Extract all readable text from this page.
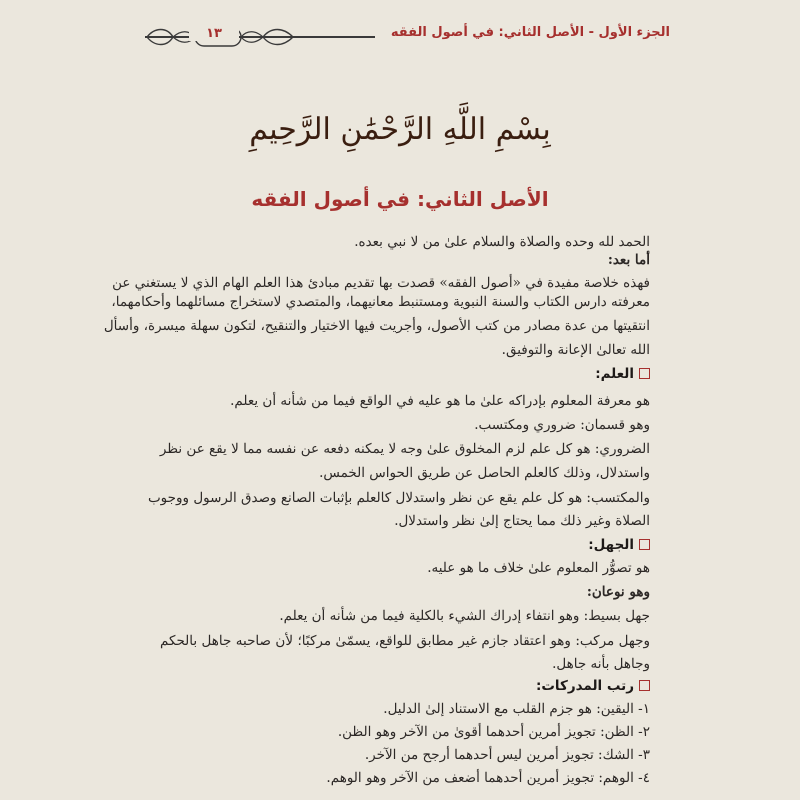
الجزء الأول - الأصل الثاني: في أصول الفقه
١٣
بِسْمِ اللَّهِ الرَّحْمَٰنِ الرَّحِيمِ
الأصل الثاني: في أصول الفقه
الحمد لله وحده والصلاة والسلام علىٰ من لا نبي بعده.
أما بعد:
فهذه خلاصة مفيدة في «أصول الفقه» قصدت بها تقديم مبادئ هذا العلم الهام الذي لا يستغني عن
معرفته دارس الكتاب والسنة النبوية ومستنبط معانيهما، والمتصدي لاستخراج مسائلهما وأحكامهما،
انتقيتها من عدة مصادر من كتب الأصول، وأجريت فيها الاختيار والتنقيح، لتكون سهلة ميسرة، وأسأل
الله تعالىٰ الإعانة والتوفيق.
العلم:
هو معرفة المعلوم بإدراكه علىٰ ما هو عليه في الواقع فيما من شأنه أن يعلم.
وهو قسمان: ضروري ومكتسب.
الضروري: هو كل علم لزم المخلوق علىٰ وجه لا يمكنه دفعه عن نفسه مما لا يقع عن نظر
واستدلال، وذلك كالعلم الحاصل عن طريق الحواس الخمس.
والمكتسب: هو كل علم يقع عن نظر واستدلال كالعلم بإثبات الصانع وصدق الرسول ووجوب
الصلاة وغير ذلك مما يحتاج إلىٰ نظر واستدلال.
الجهل:
هو تصوُّر المعلوم علىٰ خلاف ما هو عليه.
وهو نوعان:
جهل بسيط: وهو انتفاء إدراك الشيء بالكلية فيما من شأنه أن يعلم.
وجهل مركب: وهو اعتقاد جازم غير مطابق للواقع، يسمّىٰ مركبًا؛ لأن صاحبه جاهل بالحكم
وجاهل بأنه جاهل.
رتب المدركات:
١- اليقين: هو جزم القلب مع الاستناد إلىٰ الدليل.
٢- الظن: تجويز أمرين أحدهما أقوىٰ من الآخر وهو الظن.
٣- الشك: تجويز أمرين ليس أحدهما أرجح من الآخر.
٤- الوهم: تجويز أمرين أحدهما أضعف من الآخر وهو الوهم.
